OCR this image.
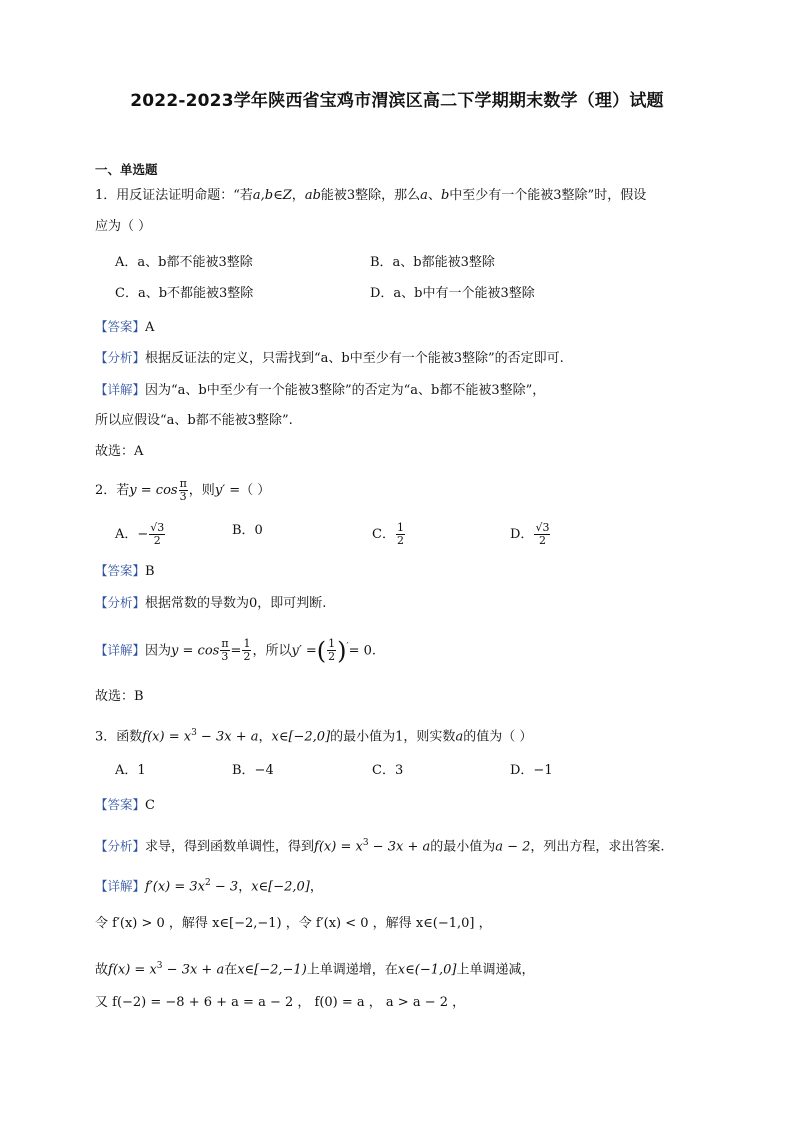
2022-2023学年陕西省宝鸡市渭滨区高二下学期期末数学（理）试题
一、单选题
1．用反证法证明命题：“若a,b∈Z，ab能被3整除，那么a、b中至少有一个能被3整除”时，假设
应为（ ）
A．a、b都不能被3整除	B．a、b都能被3整除
C．a、b不都能被3整除	D．a、b中有一个能被3整除
【答案】A
【分析】根据反证法的定义，只需找到“a、b中至少有一个能被3整除”的否定即可.
【详解】因为“a、b中至少有一个能被3整除”的否定为“a、b都不能被3整除”，
所以应假设“a、b都不能被3整除”.
故选：A
2．若$y = \cos \frac{\pi}{3}$ ，则y′ =（ ）
A．− $\frac{√3}{2}$	B．0	C． $\frac{1}{2}$	D． $\frac{√3}{2}$
【答案】B
【分析】根据常数的导数为0，即可判断.
【详解】因为$y = \cos \frac{\pi}{3} = \frac{1}{2}$ ，所以y′ =( $\frac{1}{2} )'= 0$.
故选：B
3．函数$f(x) = x^3 - 3x + a$，x∈[−2,0]的最小值为1，则实数a的值为（ ）
A．1	B．−4	C．3	D．−1
【答案】C
【分析】求导，得到函数单调性，得到$f(x) = x^3 - 3x + a$的最小值为a − 2，列出方程，求出答案.
【详解】$f'(x) = 3x^2 - 3$，x∈[−2,0]，
令 f′(x) > 0 ，解得 x∈[−2,−1) ，令 f′(x) < 0 ，解得 x∈(−1,0] ，
故$f(x) = x^3 - 3x + a$在x∈[−2,−1)上单调递增，在x∈(−1,0]上单调递减，
又 f(−2) = −8 + 6 + a = a − 2 ， f(0) = a ， a > a − 2 ，
